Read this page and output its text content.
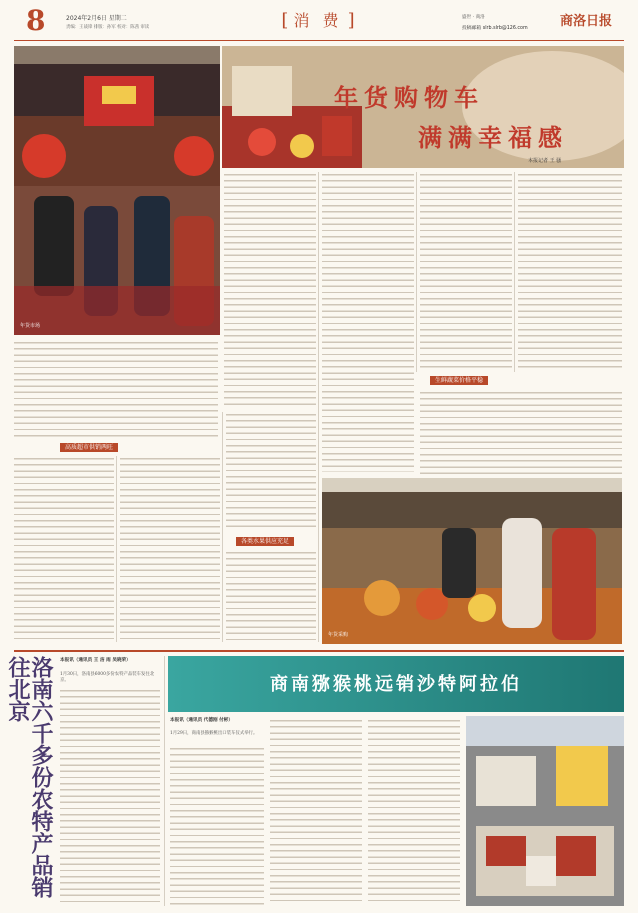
8	2024年2月6日 星期二
责编：王战锋 排版：孙军 校对：陈茜 审读	[ 消 费 ]	盛世 · 商洛
投稿邮箱 slrb.slrb@126.com 商洛日报
年货市场
年货购物车
满满幸福感
本报记者 王 骚
高质超市供销两旺
各类水果供应充足
生鲜蔬菜价格平稳
年货采购
洛南六千多份农特产品销往北京	本报讯（通讯员 王 洁 雨 吴晓荣）
1月30日，洛南县6000多份农特产品装车发往北京。	商南猕猴桃远销沙特阿拉伯
本报讯（通讯员 代德刚 付彬）
1月29日，商南县猕猴桃出口装车仪式举行。
